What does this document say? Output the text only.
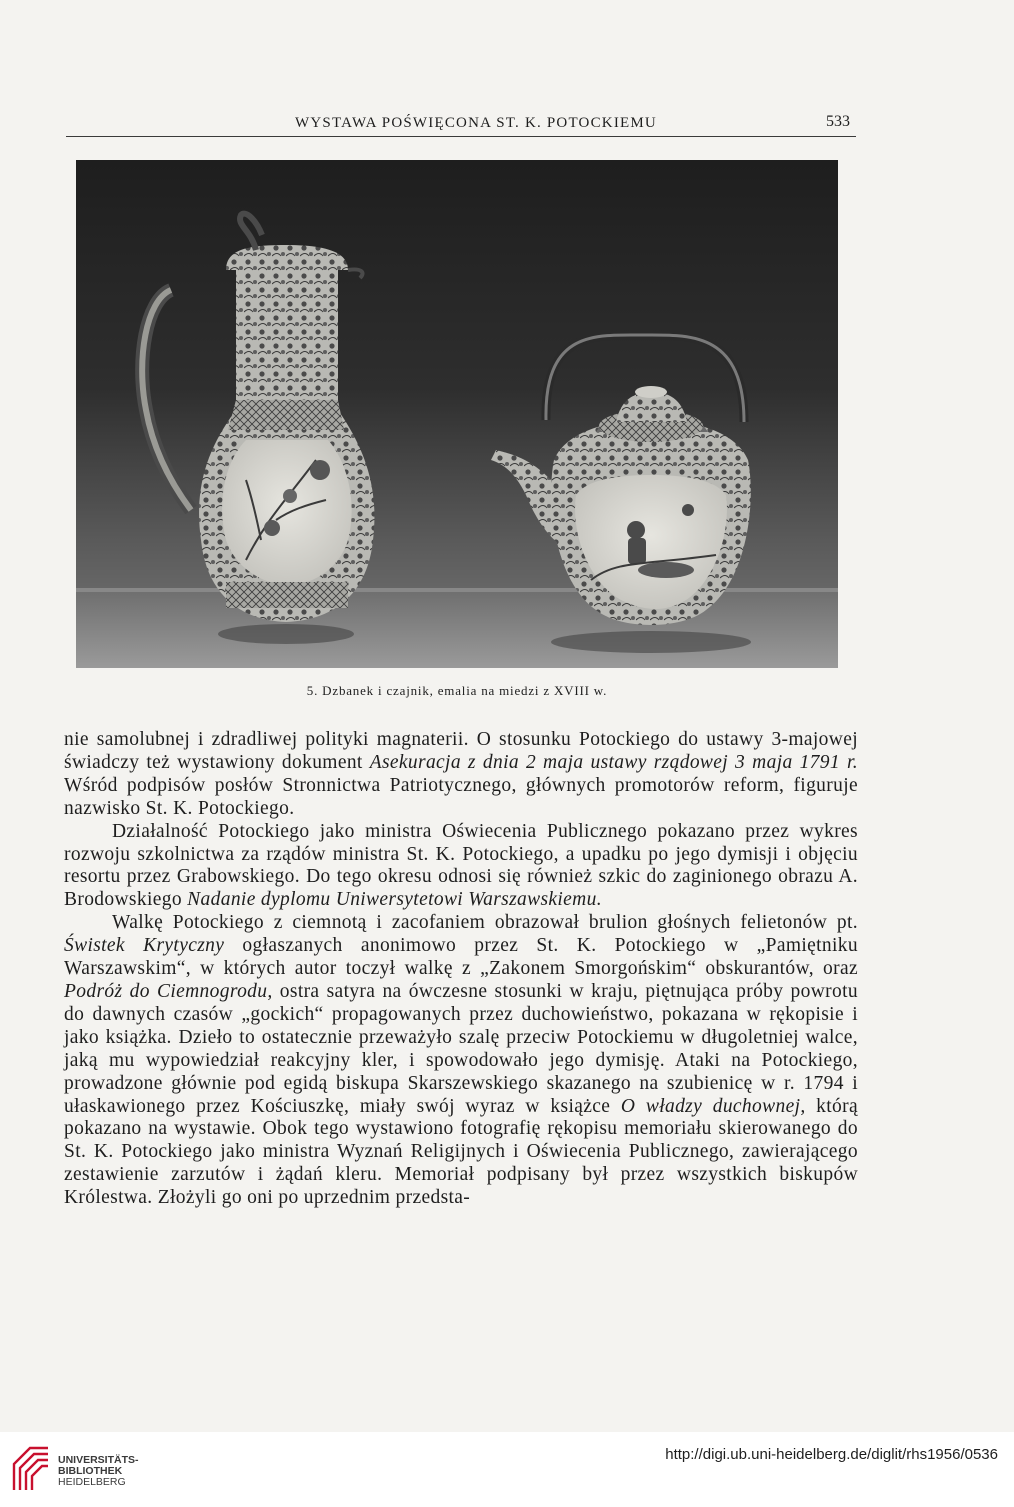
WYSTAWA POŚWIĘCONA ST. K. POTOCKIEMU	533
5. Dzbanek i czajnik, emalia na miedzi z XVIII w.

nie samolubnej i zdradliwej polityki magnaterii. O stosunku Potockiego do ustawy 3-majowej świadczy też wystawiony dokument Asekuracja z dnia 2 maja ustawy rządowej 3 maja 1791 r. Wśród podpisów posłów Stronnictwa Patriotycznego, głównych promotorów reform, figuruje nazwisko St. K. Potockiego.

Działalność Potockiego jako ministra Oświecenia Publicznego pokazano przez wykres rozwoju szkolnictwa za rządów ministra St. K. Potockiego, a upadku po jego dymisji i objęciu resortu przez Grabowskiego. Do tego okresu odnosi się również szkic do zaginionego obrazu A. Brodowskiego Nadanie dyplomu Uniwersytetowi Warszawskiemu.

Walkę Potockiego z ciemnotą i zacofaniem obrazował brulion głośnych felietonów pt. Świstek Krytyczny ogłaszanych anonimowo przez St. K. Potockiego w „Pamiętniku Warszawskim“, w których autor toczył walkę z „Zakonem Smorgońskim“ obskurantów, oraz Podróż do Ciemnogrodu, ostra satyra na ówczesne stosunki w kraju, piętnująca próby powrotu do dawnych czasów „gockich“ propagowanych przez duchowieństwo, pokazana w rękopisie i jako książka. Dzieło to ostatecznie przeważyło szalę przeciw Potockiemu w długoletniej walce, jaką mu wypowiedział reakcyjny kler, i spowodowało jego dymisję. Ataki na Potockiego, prowadzone głównie pod egidą biskupa Skarszewskiego skazanego na szubienicę w r. 1794 i ułaskawionego przez Kościuszkę, miały swój wyraz w książce O władzy duchownej, którą pokazano na wystawie. Obok tego wystawiono fotografię rękopisu memoriału skierowanego do St. K. Potockiego jako ministra Wyznań Religijnych i Oświecenia Publicznego, zawierającego zestawienie zarzutów i żądań kleru. Memoriał podpisany był przez wszystkich biskupów Królestwa. Złożyli go oni po uprzednim przedsta-

UNIVERSITÄTS-
BIBLIOTHEK
HEIDELBERG
http://digi.ub.uni-heidelberg.de/diglit/rhs1956/0536
